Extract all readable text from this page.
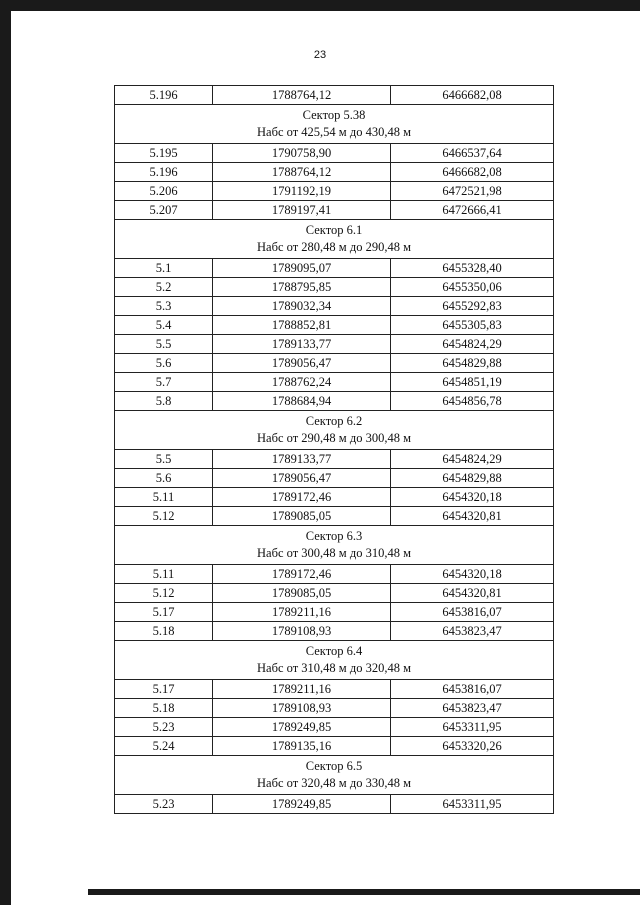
23
5.196	1788764,12	6466682,08

Сектор 5.38
Набс от 425,54 м до 430,48 м		

5.195	1790758,90	6466537,64
5.196	1788764,12	6466682,08
5.206	1791192,19	6472521,98
5.207	1789197,41	6472666,41

Сектор 6.1
Набс от 280,48 м до 290,48 м		

5.1	1789095,07	6455328,40
5.2	1788795,85	6455350,06
5.3	1789032,34	6455292,83
5.4	1788852,81	6455305,83
5.5	1789133,77	6454824,29
5.6	1789056,47	6454829,88
5.7	1788762,24	6454851,19
5.8	1788684,94	6454856,78

Сектор 6.2
Набс от 290,48 м до 300,48 м		

5.5	1789133,77	6454824,29
5.6	1789056,47	6454829,88
5.11	1789172,46	6454320,18
5.12	1789085,05	6454320,81

Сектор 6.3
Набс от 300,48 м до 310,48 м		

5.11	1789172,46	6454320,18
5.12	1789085,05	6454320,81
5.17	1789211,16	6453816,07
5.18	1789108,93	6453823,47

Сектор 6.4
Набс от 310,48 м до 320,48 м		

5.17	1789211,16	6453816,07
5.18	1789108,93	6453823,47
5.23	1789249,85	6453311,95
5.24	1789135,16	6453320,26

Сектор 6.5
Набс от 320,48 м до 330,48 м		

5.23	1789249,85	6453311,95
